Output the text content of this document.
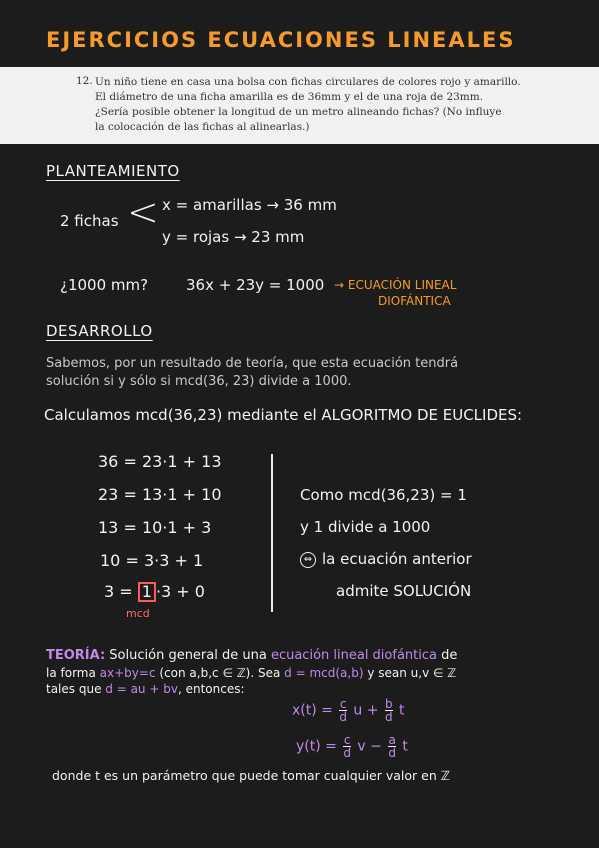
EJERCICIOS ECUACIONES LINEALES
12. Un niño tiene en casa una bolsa con fichas circulares de colores rojo y amarillo.
El diámetro de una ficha amarilla es de 36mm y el de una roja de 23mm.
¿Sería posible obtener la longitud de un metro alineando fichas? (No influye
la colocación de las fichas al alinearlas.)
PLANTEAMIENTO
2 fichas < x = amarillas → 36 mm
y = rojas → 23 mm
¿1000 mm?	36x + 23y = 1000 → ECUACIÓN LINEAL
DIOFÁNTICA
DESARROLLO
Sabemos, por un resultado de teoría, que esta ecuación tendrá
solución si y sólo si mcd(36, 23) divide a 1000.
Calculamos mcd(36,23) mediante el ALGORITMO DE EUCLIDES:
36 = 23·1 + 13
23 = 13·1 + 10
13 = 10·1 + 3
10 = 3·3 + 1
3 = 1 ·3 + 0
mcd
Como mcd(36,23) = 1
y 1 divide a 1000
⇔ la ecuación anterior
admite SOLUCIÓN
TEORÍA: Solución general de una ecuación lineal diofántica de
la forma ax+by=c (con a,b,c ∈ ℤ). Sea d = mcd(a,b) y sean u,v ∈ ℤ
tales que d = au + bv, entonces:
$x(t) = \frac{c}{d}$ $u + \frac{b}{d}$ t
$y(t) = \frac{c}{d}$ $v - \frac{a}{d}$ t
donde t es un parámetro que puede tomar cualquier valor en ℤ
